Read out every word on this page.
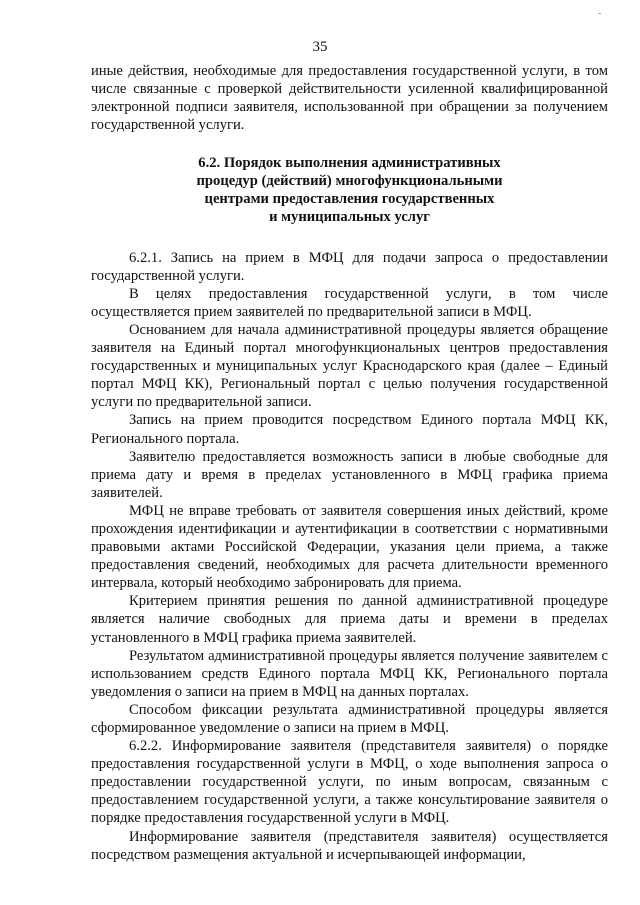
-
35

иные действия, необходимые для предоставления государственной услуги, в том числе связанные с проверкой действительности усиленной квалифицированной электронной подписи заявителя, использованной при обращении за получением государственной услуги.

6.2. Порядок выполнения административных
процедур (действий) многофункциональными
центрами предоставления государственных
и муниципальных услуг

6.2.1. Запись на прием в МФЦ для подачи запроса о предоставлении государственной услуги.

В целях предоставления государственной услуги, в том числе осуществляется прием заявителей по предварительной записи в МФЦ.

Основанием для начала административной процедуры является обращение заявителя на Единый портал многофункциональных центров предоставления государственных и муниципальных услуг Краснодарского края (далее – Единый портал МФЦ КК), Региональный портал с целью получения государственной услуги по предварительной записи.

Запись на прием проводится посредством Единого портала МФЦ КК, Регионального портала.

Заявителю предоставляется возможность записи в любые свободные для приема дату и время в пределах установленного в МФЦ графика приема заявителей.

МФЦ не вправе требовать от заявителя совершения иных действий, кроме прохождения идентификации и аутентификации в соответствии с нормативными правовыми актами Российской Федерации, указания цели приема, а также предоставления сведений, необходимых для расчета длительности временного интервала, который необходимо забронировать для приема.

Критерием принятия решения по данной административной процедуре является наличие свободных для приема даты и времени в пределах установленного в МФЦ графика приема заявителей.

Результатом административной процедуры является получение заявителем с использованием средств Единого портала МФЦ КК, Регионального портала уведомления о записи на прием в МФЦ на данных порталах.

Способом фиксации результата административной процедуры является сформированное уведомление о записи на прием в МФЦ.

6.2.2. Информирование заявителя (представителя заявителя) о порядке предоставления государственной услуги в МФЦ, о ходе выполнения запроса о предоставлении государственной услуги, по иным вопросам, связанным с предоставлением государственной услуги, а также консультирование заявителя о порядке предоставления государственной услуги в МФЦ.

Информирование заявителя (представителя заявителя) осуществляется посредством размещения актуальной и исчерпывающей информации,
